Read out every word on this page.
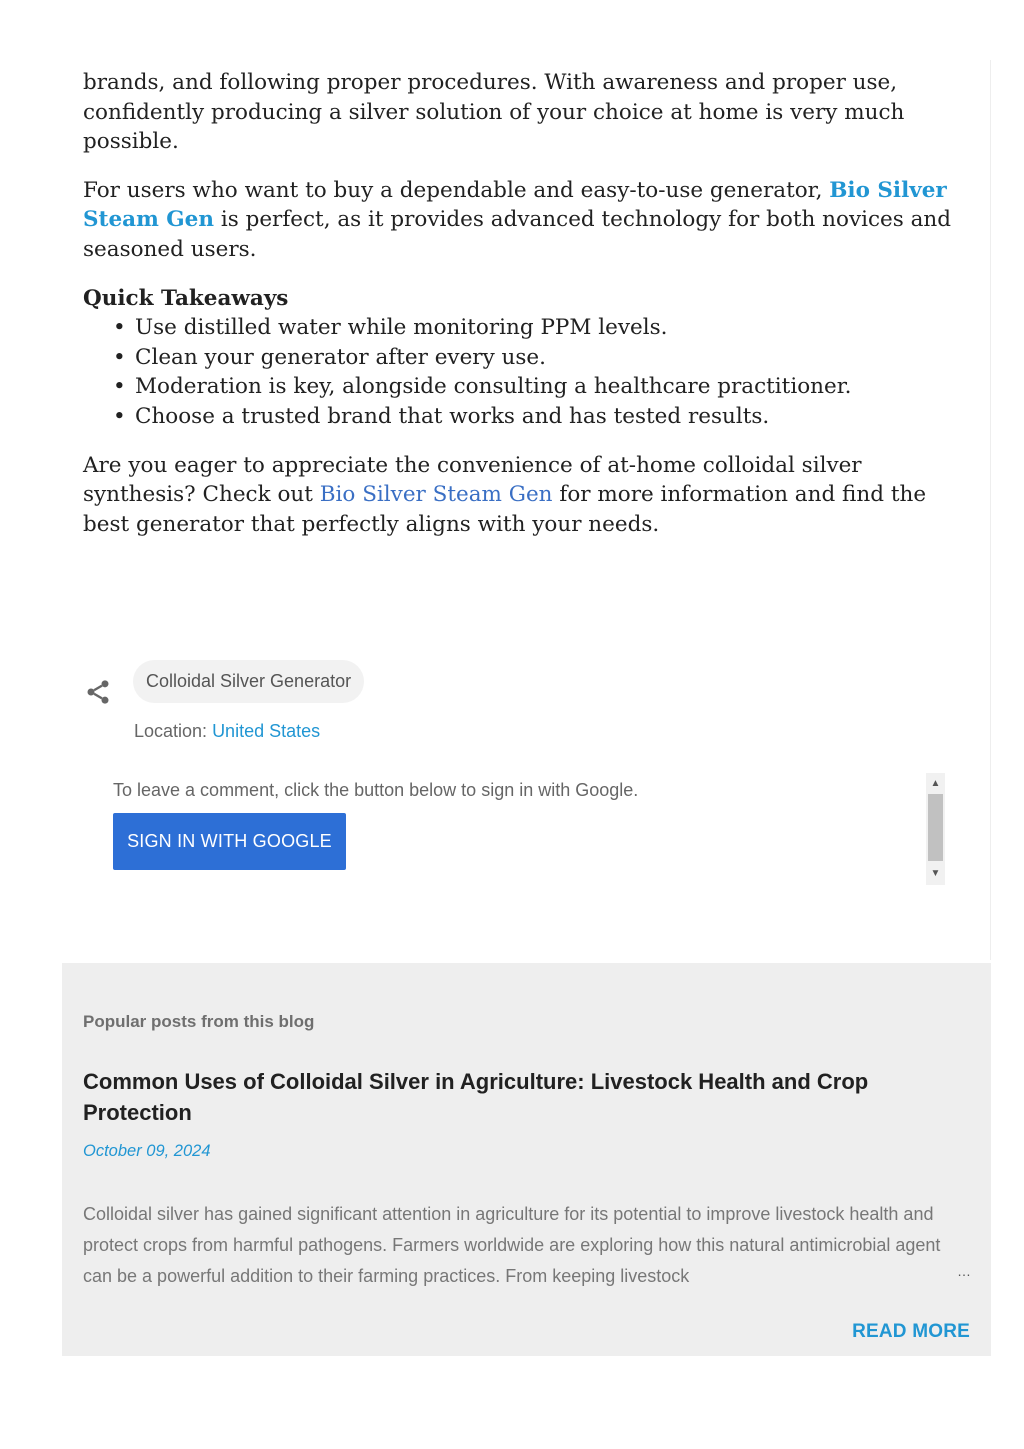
brands, and following proper procedures. With awareness and proper use,
confidently producing a silver solution of your choice at home is very much
possible.

For users who want to buy a dependable and easy-to-use generator, Bio Silver Steam Gen is perfect, as it provides advanced technology for both novices and seasoned users.

Quick Takeaways
• Use distilled water while monitoring PPM levels.
• Clean your generator after every use.
• Moderation is key, alongside consulting a healthcare practitioner.
• Choose a trusted brand that works and has tested results.

Are you eager to appreciate the convenience of at-home colloidal silver synthesis? Check out Bio Silver Steam Gen for more information and find the best generator that perfectly aligns with your needs.

Colloidal Silver Generator
Location: United States
To leave a comment, click the button below to sign in with Google.
SIGN IN WITH GOOGLE
▲
▼
Popular posts from this blog
Common Uses of Colloidal Silver in Agriculture: Livestock Health and Crop Protection
October 09, 2024
Colloidal silver has gained significant attention in agriculture for its potential to improve livestock health and protect crops from harmful pathogens. Farmers worldwide are exploring how this natural antimicrobial agent can be a powerful addition to their farming practices. From keeping livestock	…
READ MORE
